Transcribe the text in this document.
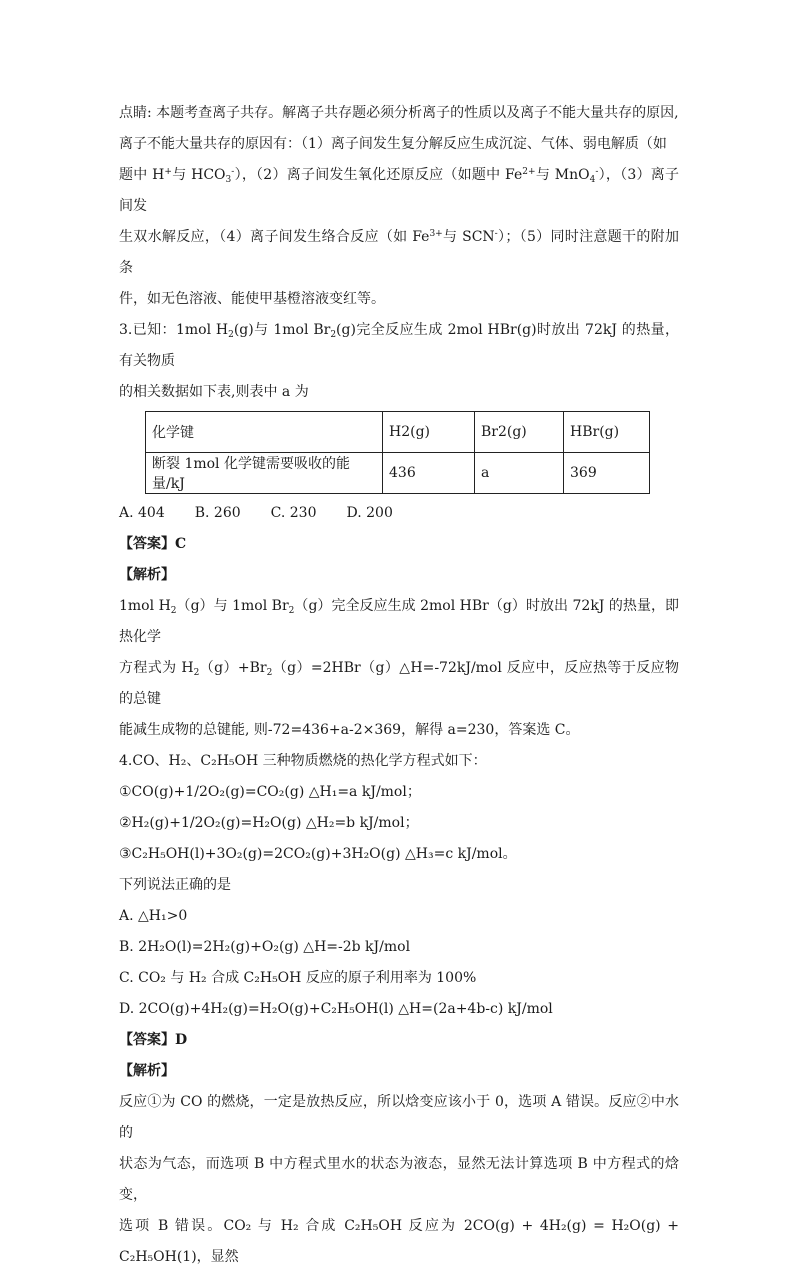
点睛: 本题考查离子共存。解离子共存题必须分析离子的性质以及离子不能大量共存的原因,

离子不能大量共存的原因有：（1）离子间发生复分解反应生成沉淀、气体、弱电解质（如

题中 H+与 $HCO_3^-$），（2）离子间发生氧化还原反应（如题中 $Fe^{2+}$与 MnO$_4$-），（3）离子间发

生双水解反应，（4）离子间发生络合反应（如 $Fe^{3+}$与 SCN-）；（5）同时注意题干的附加条

件，如无色溶液、能使甲基橙溶液变红等。

3.已知：1mol $H_2(g)$与 1mol $Br_2(g)$完全反应生成 2mol HBr(g)时放出 72kJ 的热量，有关物质

的相关数据如下表,则表中 a 为

化学键	H2(g)	Br2(g)	HBr(g)
断裂 1mol 化学键需要吸收的能量/kJ	436	a	369

A. 404 B. 260 C. 230 D. 200

【答案】C

【解析】

1mol $H_2(g)$与 1mol $Br_2(g)$完全反应生成 2mol HBr（g）时放出 72kJ 的热量，即热化学

方程式为 $H_2(g)+Br_2(g)=2HBr(g)\triangle H=-72kJ$/mol 反应中，反应热等于反应物的总键

能减生成物的总键能, 则-72=436+a-2×369，解得 a=230，答案选 C。

4.CO、H₂、C₂H₅OH 三种物质燃烧的热化学方程式如下：

①CO(g)+1/2O₂(g)=CO₂(g) △H₁=a kJ/mol；

②H₂(g)+1/2O₂(g)=H₂O(g) △H₂=b kJ/mol；

③C₂H₅OH(l)+3O₂(g)=2CO₂(g)+3H₂O(g) △H₃=c kJ/mol。

下列说法正确的是

A. △H₁>0

B. 2H₂O(l)=2H₂(g)+O₂(g) △H=-2b kJ/mol

C. CO₂ 与 H₂ 合成 C₂H₅OH 反应的原子利用率为 100%

D. 2CO(g)+4H₂(g)=H₂O(g)+C₂H₅OH(l) △H=(2a+4b-c) kJ/mol

【答案】D

【解析】

反应①为 CO 的燃烧，一定是放热反应，所以焓变应该小于 0，选项 A 错误。反应②中水的

状态为气态，而选项 B 中方程式里水的状态为液态，显然无法计算选项 B 中方程式的焓变，

选项 B 错误。CO₂ 与 H₂ 合成 C₂H₅OH 反应为 2CO(g) + 4H₂(g) = H₂O(g) + C₂H₅OH(1)，显然
